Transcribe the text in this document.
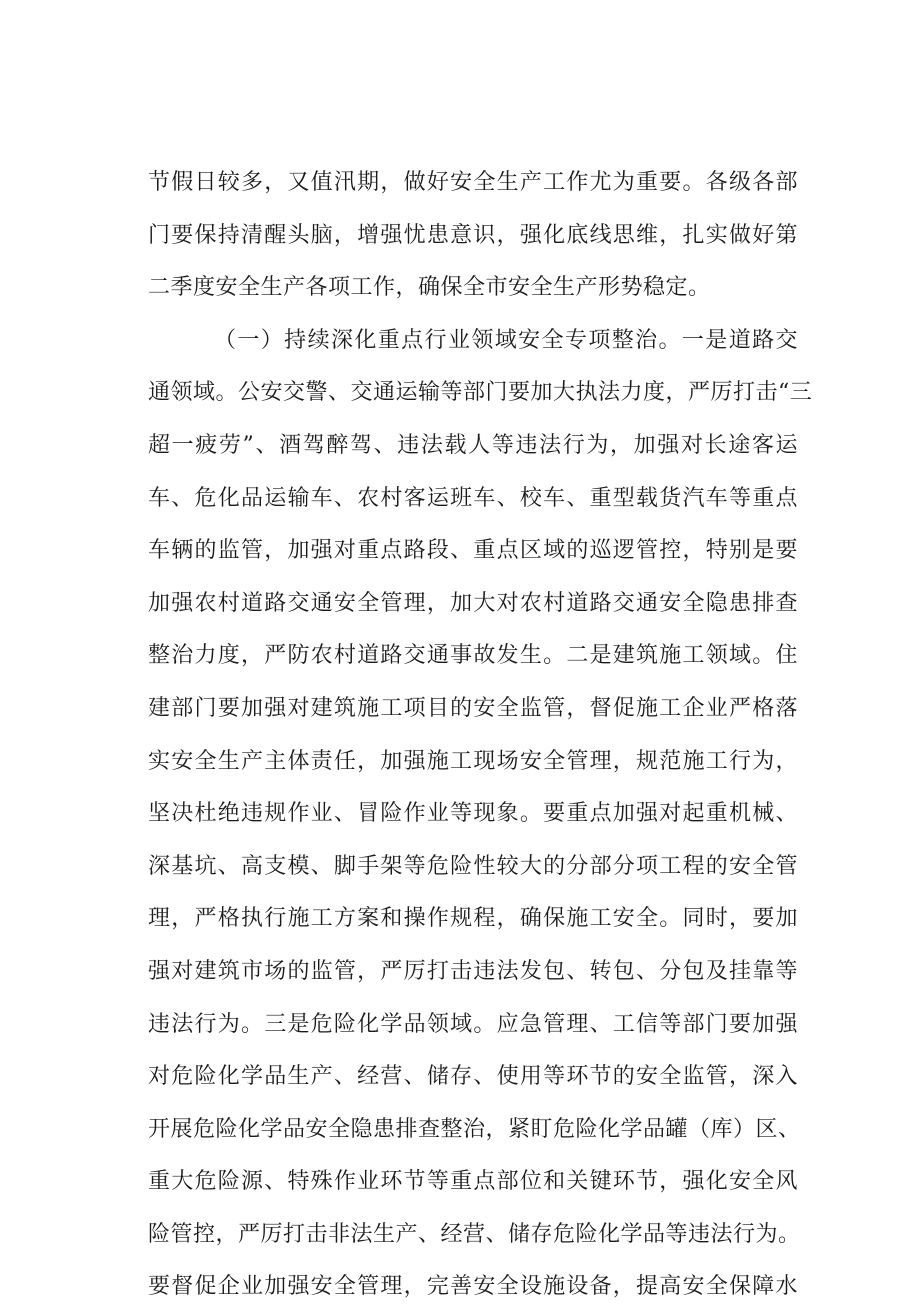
节假日较多，又值汛期，做好安全生产工作尤为重要。各级各部
门要保持清醒头脑，增强忧患意识，强化底线思维，扎实做好第
二季度安全生产各项工作，确保全市安全生产形势稳定。
（一）持续深化重点行业领域安全专项整治。一是道路交
通领域。公安交警、交通运输等部门要加大执法力度，严厉打击“三
超一疲劳”、酒驾醉驾、违法载人等违法行为，加强对长途客运
车、危化品运输车、农村客运班车、校车、重型载货汽车等重点
车辆的监管，加强对重点路段、重点区域的巡逻管控，特别是要
加强农村道路交通安全管理，加大对农村道路交通安全隐患排查
整治力度，严防农村道路交通事故发生。二是建筑施工领域。住
建部门要加强对建筑施工项目的安全监管，督促施工企业严格落
实安全生产主体责任，加强施工现场安全管理，规范施工行为，
坚决杜绝违规作业、冒险作业等现象。要重点加强对起重机械、
深基坑、高支模、脚手架等危险性较大的分部分项工程的安全管
理，严格执行施工方案和操作规程，确保施工安全。同时，要加
强对建筑市场的监管，严厉打击违法发包、转包、分包及挂靠等
违法行为。三是危险化学品领域。应急管理、工信等部门要加强
对危险化学品生产、经营、储存、使用等环节的安全监管，深入
开展危险化学品安全隐患排查整治，紧盯危险化学品罐（库）区、
重大危险源、特殊作业环节等重点部位和关键环节，强化安全风
险管控，严厉打击非法生产、经营、储存危险化学品等违法行为。
要督促企业加强安全管理，完善安全设施设备，提高安全保障水
